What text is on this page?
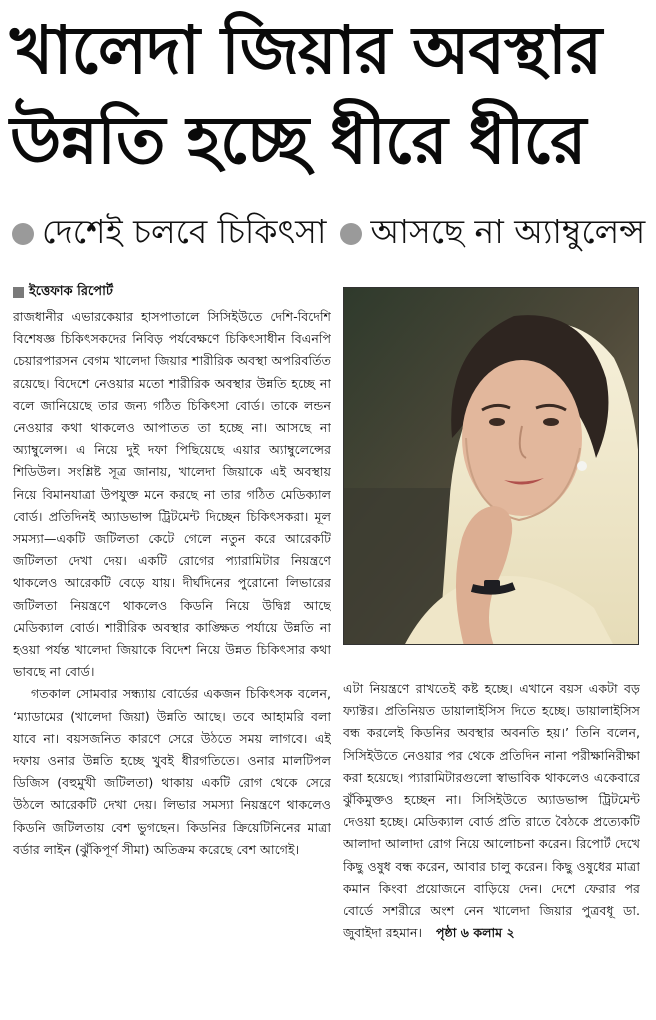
খালেদা জিয়ার অবস্থার
উন্নতি হচ্ছে ধীরে ধীরে
দেশেই চলবে চিকিৎসা আসছে না অ্যাম্বুলেন্স
ইত্তেফাক রিপোর্ট

রাজধানীর এভারকেয়ার হাসপাতালে সিসিইউতে দেশি-বিদেশি বিশেষজ্ঞ চিকিৎসকদের নিবিড় পর্যবেক্ষণে চিকিৎসাধীন বিএনপি চেয়ারপারসন বেগম খালেদা জিয়ার শারীরিক অবস্থা অপরিবর্তিত রয়েছে। বিদেশে নেওয়ার মতো শারীরিক অবস্থার উন্নতি হচ্ছে না বলে জানিয়েছে তার জন্য গঠিত চিকিৎসা বোর্ড। তাকে লন্ডন নেওয়ার কথা থাকলেও আপাতত তা হচ্ছে না। আসছে না অ্যাম্বুলেন্স। এ নিয়ে দুই দফা পিছিয়েছে এয়ার অ্যাম্বুলেন্সের শিডিউল। সংশ্লিষ্ট সূত্র জানায়, খালেদা জিয়াকে এই অবস্থায় নিয়ে বিমানযাত্রা উপযুক্ত মনে করছে না তার গঠিত মেডিক্যাল বোর্ড। প্রতিদিনই অ্যাডভান্স ট্রিটমেন্ট দিচ্ছেন চিকিৎসকরা। মূল সমস্যা—একটি জটিলতা কেটে গেলে নতুন করে আরেকটি জটিলতা দেখা দেয়। একটি রোগের প্যারামিটার নিয়ন্ত্রণে থাকলেও আরেকটি বেড়ে যায়। দীর্ঘদিনের পুরোনো লিভারের জটিলতা নিয়ন্ত্রণে থাকলেও কিডনি নিয়ে উদ্বিগ্ন আছে মেডিক্যাল বোর্ড। শারীরিক অবস্থার কাঙ্ক্ষিত পর্যায়ে উন্নতি না হওয়া পর্যন্ত খালেদা জিয়াকে বিদেশ নিয়ে উন্নত চিকিৎসার কথা ভাবছে না বোর্ড।

গতকাল সোমবার সন্ধ্যায় বোর্ডের একজন চিকিৎসক বলেন, ‘ম্যাডামের (খালেদা জিয়া) উন্নতি আছে। তবে আহামরি বলা যাবে না। বয়সজনিত কারণে সেরে উঠতে সময় লাগবে। এই দফায় ওনার উন্নতি হচ্ছে খুবই ধীরগতিতে। ওনার মালটিপল ডিজিস (বহুমুখী জটিলতা) থাকায় একটি রোগ থেকে সেরে উঠলে আরেকটি দেখা দেয়। লিভার সমস্যা নিয়ন্ত্রণে থাকলেও কিডনি জটিলতায় বেশ ভুগছেন। কিডনির ক্রিয়েটিনিনের মাত্রা বর্ডার লাইন (ঝুঁকিপূর্ণ সীমা) অতিক্রম করেছে বেশ আগেই।

এটা নিয়ন্ত্রণে রাখতেই কষ্ট হচ্ছে। এখানে বয়স একটা বড় ফ্যাক্টর। প্রতিনিয়ত ডায়ালাইসিস দিতে হচ্ছে। ডায়ালাইসিস বন্ধ করলেই কিডনির অবস্থার অবনতি হয়।’ তিনি বলেন, সিসিইউতে নেওয়ার পর থেকে প্রতিদিন নানা পরীক্ষানিরীক্ষা করা হয়েছে। প্যারামিটারগুলো স্বাভাবিক থাকলেও একেবারে ঝুঁকিমুক্তও হচ্ছেন না। সিসিইউতে অ্যাডভান্স ট্রিটমেন্ট দেওয়া হচ্ছে। মেডিক্যাল বোর্ড প্রতি রাতে বৈঠকে প্রত্যেকটি আলাদা আলাদা রোগ নিয়ে আলোচনা করেন। রিপোর্ট দেখে কিছু ওষুধ বন্ধ করেন, আবার চালু করেন। কিছু ওষুধের মাত্রা কমান কিংবা প্রয়োজনে বাড়িয়ে দেন। দেশে ফেরার পর বোর্ডে সশরীরে অংশ নেন খালেদা জিয়ার পুত্রবধূ ডা. জুবাইদা রহমান। পৃষ্ঠা ৬ কলাম ২
